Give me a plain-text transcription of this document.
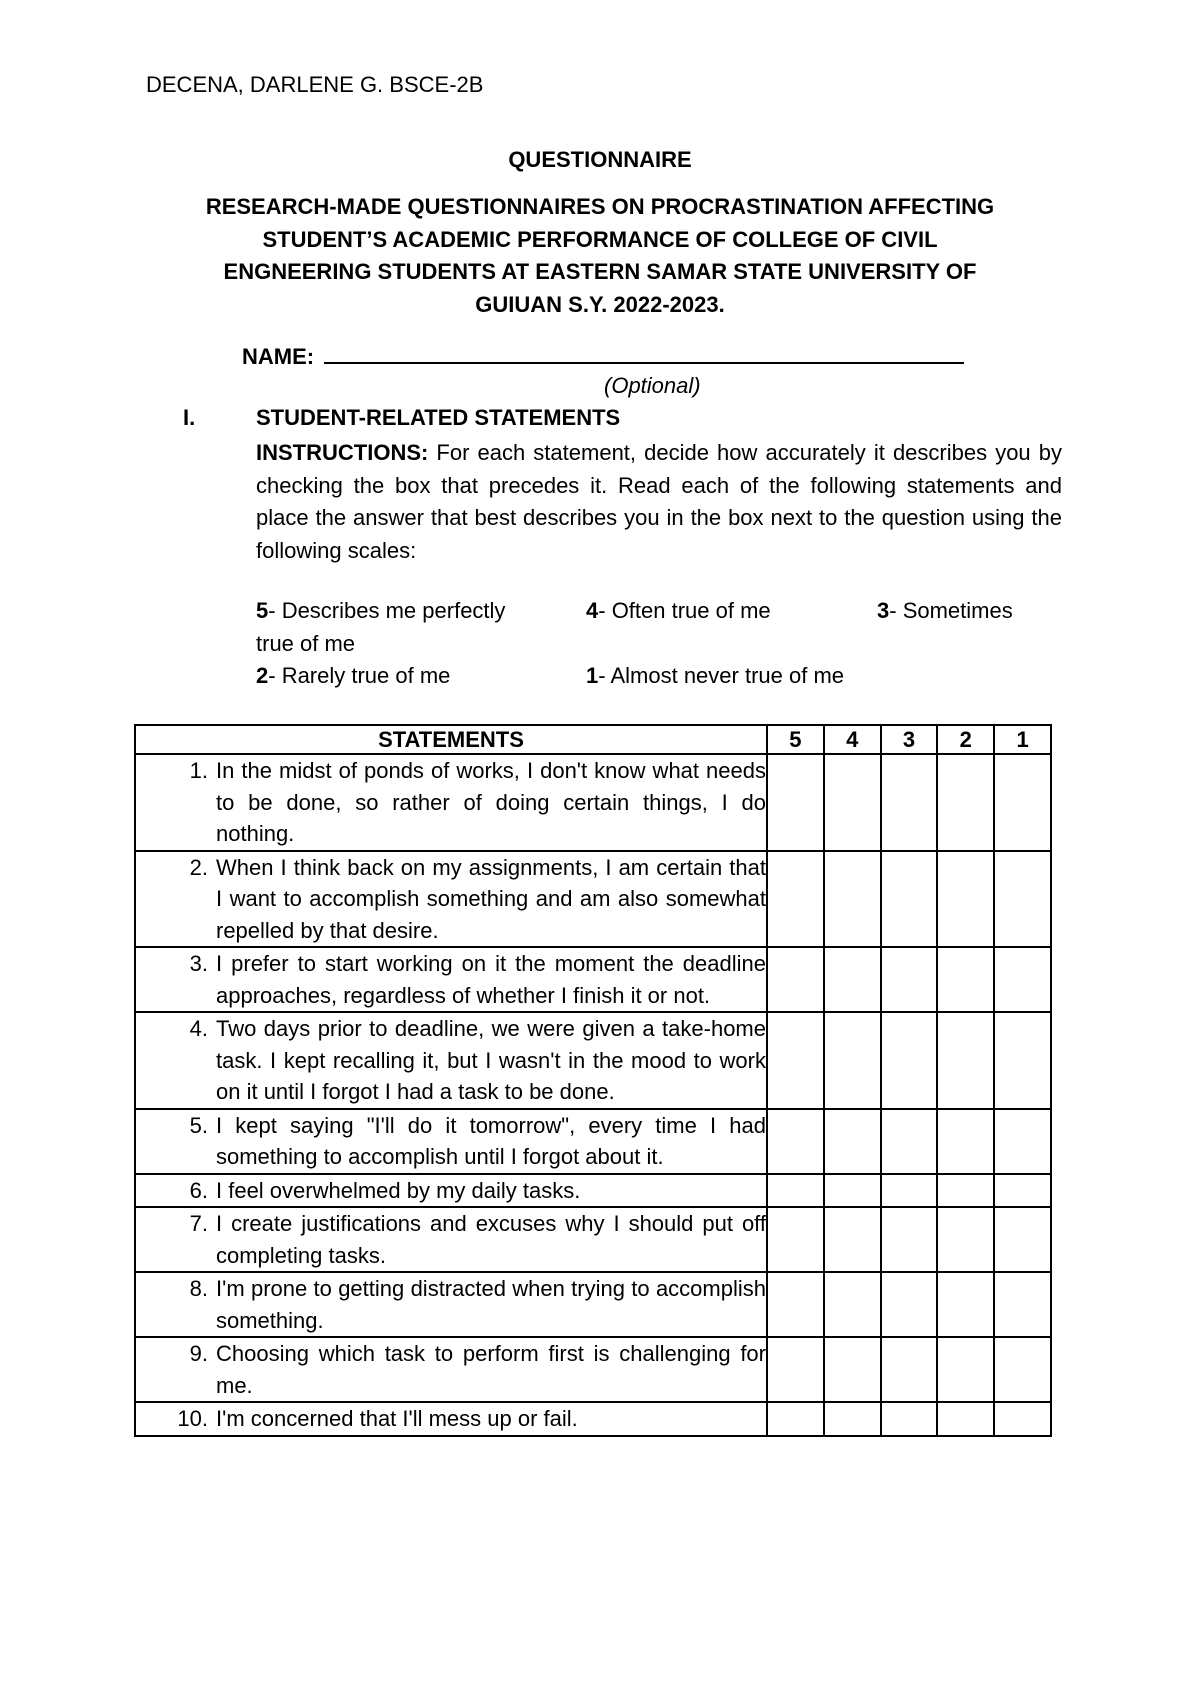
DECENA, DARLENE G. BSCE-2B
QUESTIONNAIRE
RESEARCH-MADE QUESTIONNAIRES ON PROCRASTINATION AFFECTING
STUDENT’S ACADEMIC PERFORMANCE OF COLLEGE OF CIVIL
ENGNEERING STUDENTS AT EASTERN SAMAR STATE UNIVERSITY OF
GUIUAN S.Y. 2022-2023.
NAME:
(Optional)
I.	STUDENT-RELATED STATEMENTS
INSTRUCTIONS: For each statement, decide how accurately it describes you by checking the box that precedes it. Read each of the following statements and place the answer that best describes you in the box next to the question using the following scales:
5- Describes me perfectly	4- Often true of me	3- Sometimes
true of me
2- Rarely true of me	1- Almost never true of me
STATEMENTS	5	4	3	2	1

1. In the midst of ponds of works, I don't know what needs to be done, so rather of doing certain things, I do nothing.					

2. When I think back on my assignments, I am certain that I want to accomplish something and am also somewhat repelled by that desire.					

3. I prefer to start working on it the moment the deadline approaches, regardless of whether I finish it or not.					

4. Two days prior to deadline, we were given a take-home task. I kept recalling it, but I wasn't in the mood to work on it until I forgot I had a task to be done.					

5. I kept saying "I'll do it tomorrow", every time I had something to accomplish until I forgot about it.					

6. I feel overwhelmed by my daily tasks.					

7. I create justifications and excuses why I should put off completing tasks.					

8. I'm prone to getting distracted when trying to accomplish something.					

9. Choosing which task to perform first is challenging for me.					

10. I'm concerned that I'll mess up or fail.					
